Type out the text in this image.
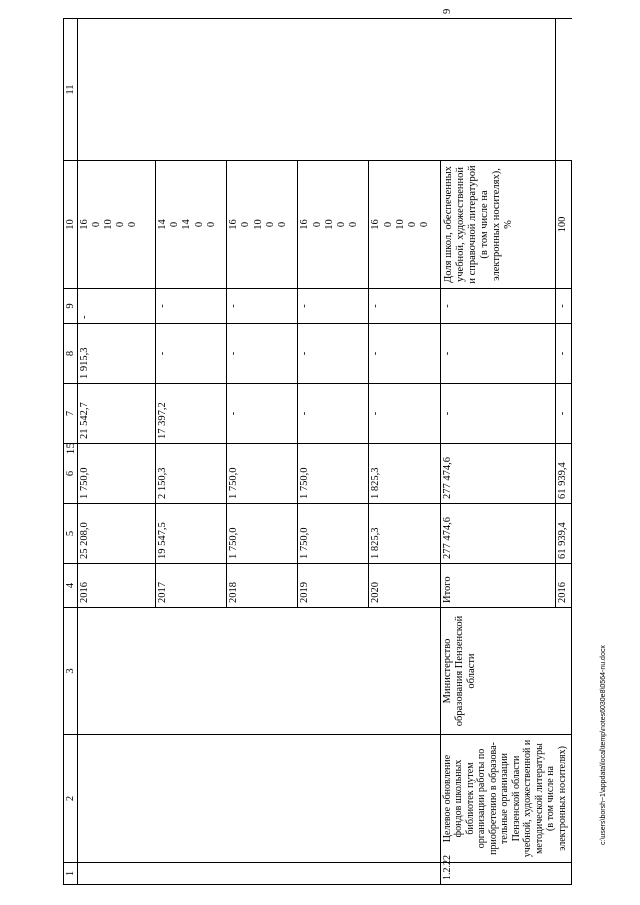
15
c:\users\borsh~1\appdata\local\temp\notes6030e8\0564-nu.docx
1	2	3	4	5	6	7	8	9	10	11	
			2016	25 208,0	1 750,0	21 542,7	1 915,3	-	16 0 10 0 0		

			2017	19 547,5	2 150,3	17 397,2	-	-	14 0 14 0 0		

			2018	1 750,0	1 750,0	-	-	-	16 0 10 0 0		

			2019	1 750,0	1 750,0	-	-	-	16 0 10 0 0		

			2020	1 825,3	1 825,3	-	-	-	16 0 10 0 0		

1.2.22	Целевое обновление фондов школьных библиотек путем организации работы по приобретению в образова-тельные организации Пензенской области учебной, художественной и методической литературы (в том числе на электронных носителях)	Министерство образования Пензенской области	Итого	277 474,6	277 474,6	-	-	-	Доля школ, обеспеченных учебной, художественной и справочной литературой (в том числе на электронных носителях), %		9
			2016	61 939,4	61 939,4	-	-	-	100		
